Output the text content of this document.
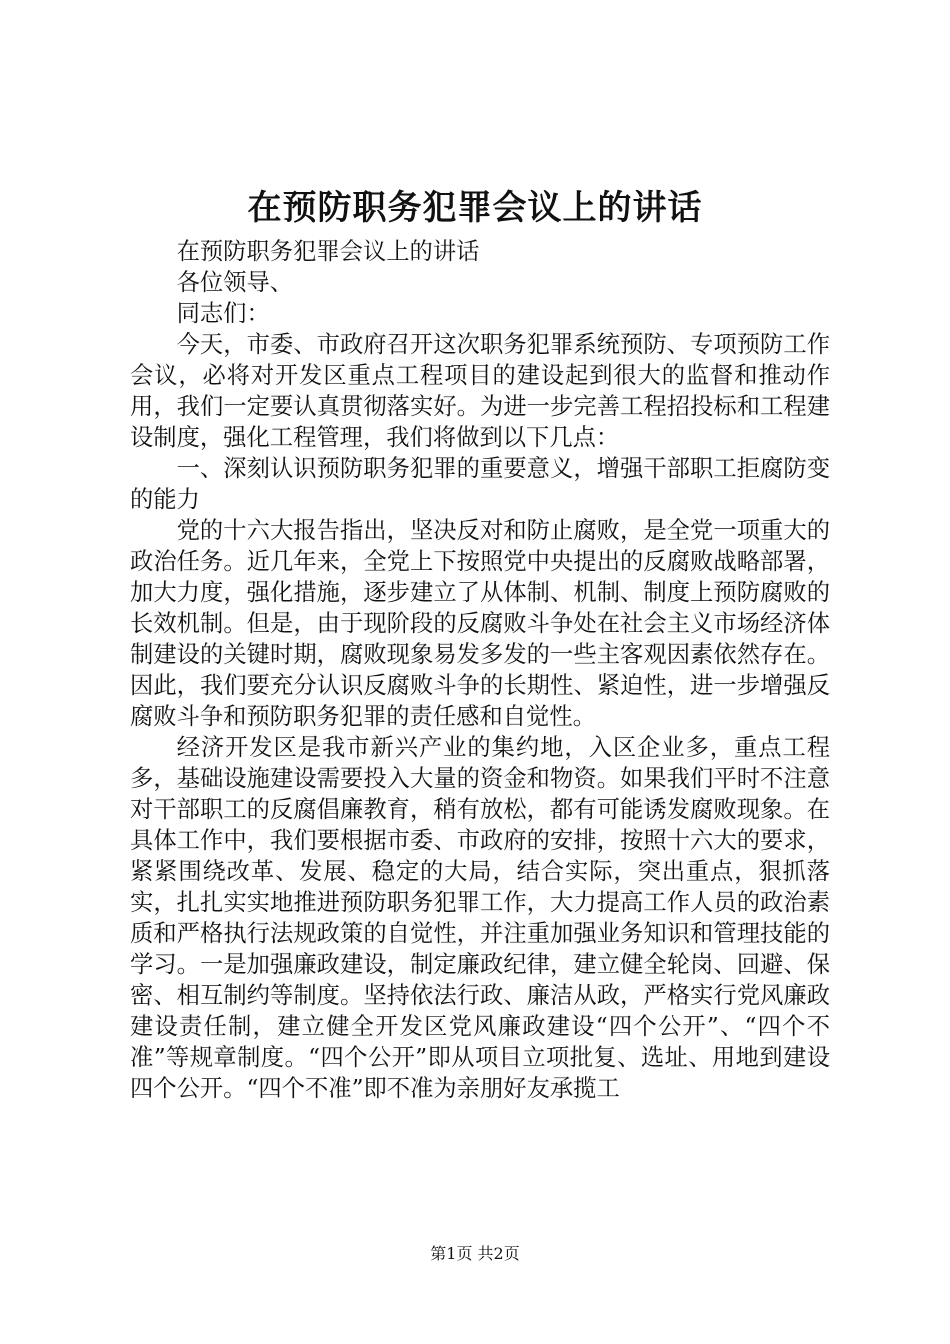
在预防职务犯罪会议上的讲话

在预防职务犯罪会议上的讲话

各位领导、

同志们：

今天，市委、市政府召开这次职务犯罪系统预防、专项预防工作会议，必将对开发区重点工程项目的建设起到很大的监督和推动作用，我们一定要认真贯彻落实好。为进一步完善工程招投标和工程建设制度，强化工程管理，我们将做到以下几点：

一、深刻认识预防职务犯罪的重要意义，增强干部职工拒腐防变的能力

党的十六大报告指出，坚决反对和防止腐败，是全党一项重大的政治任务。近几年来，全党上下按照党中央提出的反腐败战略部署，加大力度，强化措施，逐步建立了从体制、机制、制度上预防腐败的长效机制。但是，由于现阶段的反腐败斗争处在社会主义市场经济体制建设的关键时期，腐败现象易发多发的一些主客观因素依然存在。因此，我们要充分认识反腐败斗争的长期性、紧迫性，进一步增强反腐败斗争和预防职务犯罪的责任感和自觉性。

经济开发区是我市新兴产业的集约地，入区企业多，重点工程多，基础设施建设需要投入大量的资金和物资。如果我们平时不注意对干部职工的反腐倡廉教育，稍有放松，都有可能诱发腐败现象。在具体工作中，我们要根据市委、市政府的安排，按照十六大的要求，紧紧围绕改革、发展、稳定的大局，结合实际，突出重点，狠抓落实，扎扎实实地推进预防职务犯罪工作，大力提高工作人员的政治素质和严格执行法规政策的自觉性，并注重加强业务知识和管理技能的学习。一是加强廉政建设，制定廉政纪律，建立健全轮岗、回避、保密、相互制约等制度。坚持依法行政、廉洁从政，严格实行党风廉政建设责任制，建立健全开发区党风廉政建设“四个公开”、“四个不准”等规章制度。“四个公开”即从项目立项批复、选址、用地到建设四个公开。“四个不准”即不准为亲朋好友承揽工

第1页 共2页
